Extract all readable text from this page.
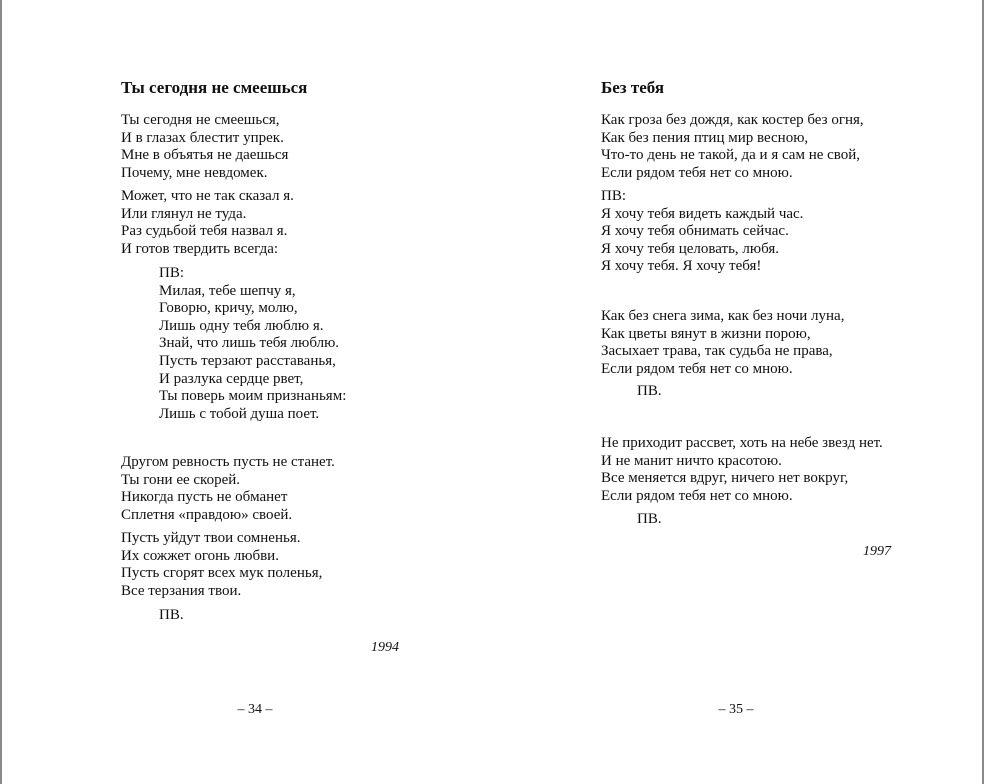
Ты сегодня не смеешься
Ты сегодня не смеешься,
И в глазах блестит упрек.
Мне в объятья не даешься
Почему, мне невдомек.
Может, что не так сказал я.
Или глянул не туда.
Раз судьбой тебя назвал я.
И готов твердить всегда:
ПВ:
Милая, тебе шепчу я,
Говорю, кричу, молю,
Лишь одну тебя люблю я.
Знай, что лишь тебя люблю.
Пусть терзают расставанья,
И разлука сердце рвет,
Ты поверь моим признаньям:
Лишь с тобой душа поет.
Другом ревность пусть не станет.
Ты гони ее скорей.
Никогда пусть не обманет
Сплетня «правдою» своей.
Пусть уйдут твои сомненья.
Их сожжет огонь любви.
Пусть сгорят всех мук поленья,
Все терзания твои.
ПВ.
1994
– 34 –
Без тебя
Как гроза без дождя, как костер без огня,
Как без пения птиц мир весною,
Что-то день не такой, да и я сам не свой,
Если рядом тебя нет со мною.
ПВ:
Я хочу тебя видеть каждый час.
Я хочу тебя обнимать сейчас.
Я хочу тебя целовать, любя.
Я хочу тебя. Я хочу тебя!
Как без снега зима, как без ночи луна,
Как цветы вянут в жизни порою,
Засыхает трава, так судьба не права,
Если рядом тебя нет со мною.
ПВ.
Не приходит рассвет, хоть на небе звезд нет.
И не манит ничто красотою.
Все меняется вдруг, ничего нет вокруг,
Если рядом тебя нет со мною.
ПВ.
1997
– 35 –
